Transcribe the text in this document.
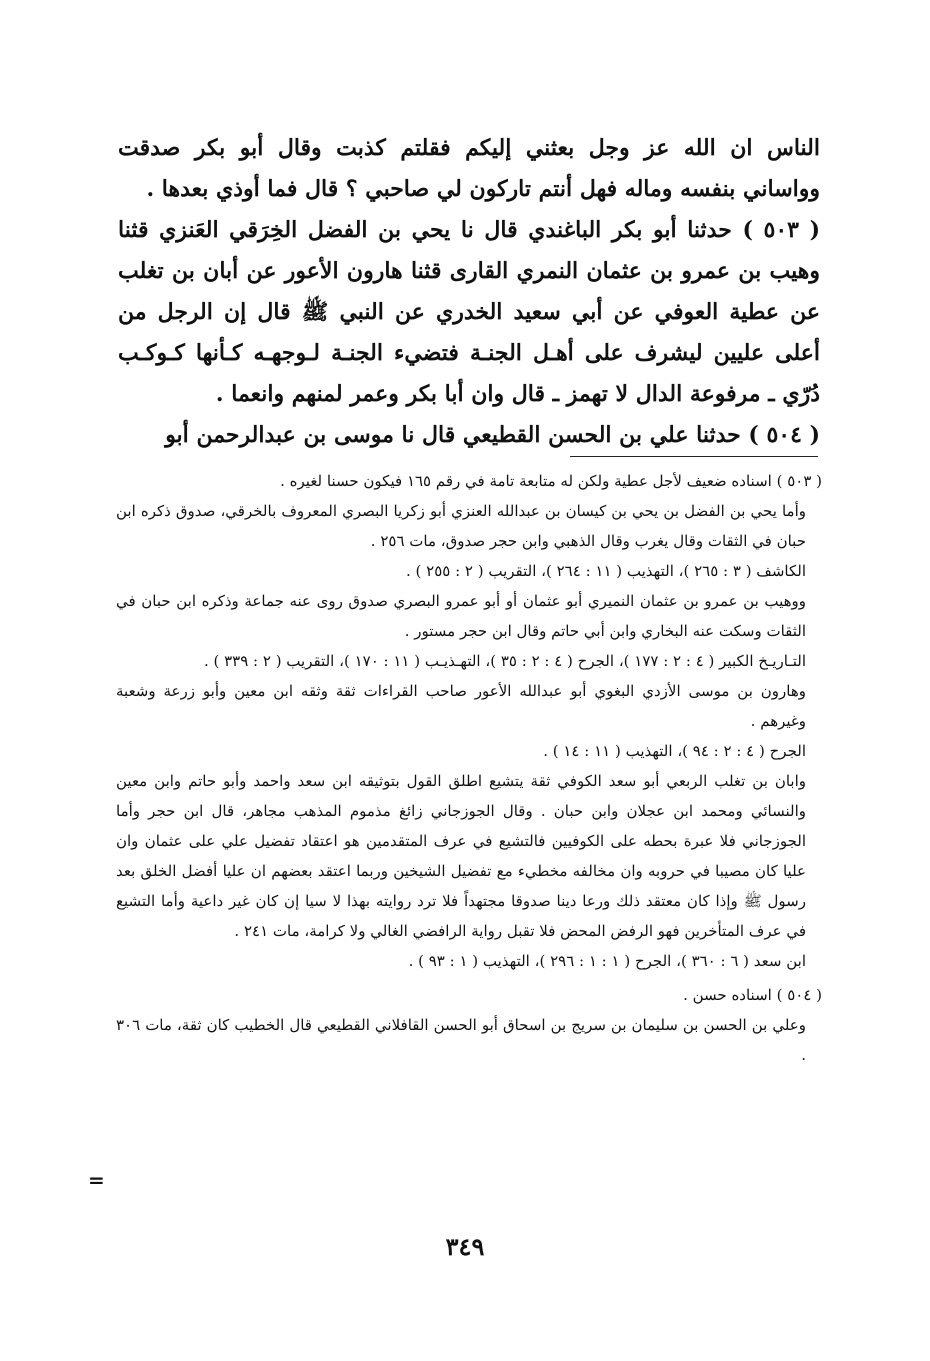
الناس ان الله عز وجل بعثني إليكم فقلتم كذبت وقال أبو بكر صدقت وواساني بنفسه وماله فهل أنتم تاركون لي صاحبي ؟ قال فما أوذي بعدها .

( ٥٠٣ ) حدثنا أبو بكر الباغندي قال نا يحي بن الفضل الخِرَقي العَنزي قثنا وهيب بن عمرو بن عثمان النمري القارى قثنا هارون الأعور عن أبان بن تغلب عن عطية العوفي عن أبي سعيد الخدري عن النبي ﷺ قال إن الرجل من أعلى عليين ليشرف على أهـل الجنـة فتضيء الجنـة لـوجهـه كـأنها كـوكـب دُرّي ـ مرفوعة الدال لا تهمز ـ قال وان أبا بكر وعمر لمنهم وانعما .

( ٥٠٤ ) حدثنا علي بن الحسن القطيعي قال نا موسى بن عبدالرحمن أبو

( ٥٠٣ ) اسناده ضعيف لأجل عطية ولكن له متابعة تامة في رقم ١٦٥ فيكون حسنا لغيره .

وأما يحي بن الفضل بن يحي بن كيسان بن عبدالله العنزي أبو زكريا البصري المعروف بالخرقي، صدوق ذكره ابن حبان في الثقات وقال يغرب وقال الذهبي وابن حجر صدوق، مات ٢٥٦ .

الكاشف ( ٣ : ٢٦٥ )، التهذيب ( ١١ : ٢٦٤ )، التقريب ( ٢ : ٢٥٥ ) .

ووهيب بن عمرو بن عثمان النميري أبو عثمان أو أبو عمرو البصري صدوق روى عنه جماعة وذكره ابن حبان في الثقات وسكت عنه البخاري وابن أبي حاتم وقال ابن حجر مستور .

التـاريـخ الكبير ( ٤ : ٢ : ١٧٧ )، الجرح ( ٤ : ٢ : ٣٥ )، التهـذيـب ( ١١ : ١٧٠ )، التقريب ( ٢ : ٣٣٩ ) .

وهارون بن موسى الأزدي البغوي أبو عبدالله الأعور صاحب القراءات ثقة وثقه ابن معين وأبو زرعة وشعبة وغيرهم .

الجرح ( ٤ : ٢ : ٩٤ )، التهذيب ( ١١ : ١٤ ) .

وابان بن تغلب الربعي أبو سعد الكوفي ثقة يتشيع اطلق القول بتوثيقه ابن سعد واحمد وأبو حاتم وابن معين والنسائي ومحمد ابن عجلان وابن حبان . وقال الجوزجاني زائغ مذموم المذهب مجاهر، قال ابن حجر وأما الجوزجاني فلا عبرة بحطه على الكوفيين فالتشيع في عرف المتقدمين هو اعتقاد تفضيل علي على عثمان وان عليا كان مصيبا في حروبه وان مخالفه مخطيء مع تفضيل الشيخين وربما اعتقد بعضهم ان عليا أفضل الخلق بعد رسول ﷺ وإذا كان معتقد ذلك ورعا دينا صدوقا مجتهداً فلا ترد روايته بهذا لا سيا إن كان غير داعية وأما التشيع في عرف المتأخرين فهو الرفض المحض فلا تقبل رواية الرافضي الغالي ولا كرامة، مات ٢٤١ .

ابن سعد ( ٦ : ٣٦٠ )، الجرح ( ١ : ١ : ٢٩٦ )، التهذيب ( ١ : ٩٣ ) .

( ٥٠٤ ) اسناده حسن .

وعلي بن الحسن بن سليمان بن سريج بن اسحاق أبو الحسن القافلاني القطيعي قال الخطيب كان ثقة، مات ٣٠٦ .

=
٣٤٩
